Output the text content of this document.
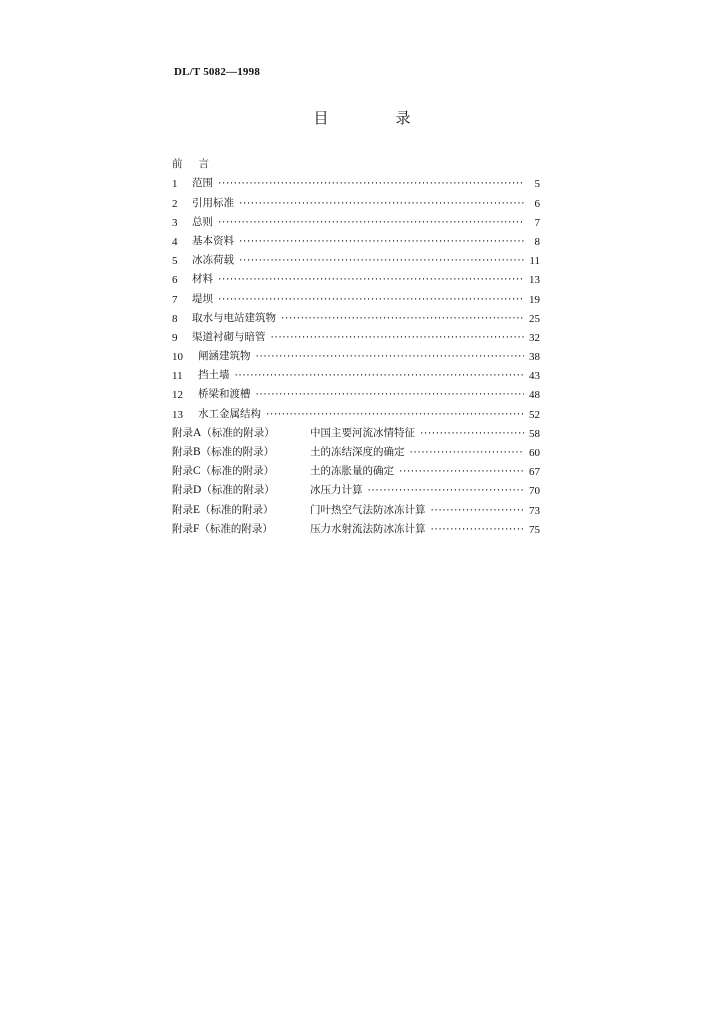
DL/T 5082—1998
目　录
前言
1	范围 ·····	5
2	引用标准 ·····	6
3	总则 ·····	7
4	基本资料 ·····	8
5	冰冻荷载 ·····	11
6	材料 ·····	13
7	堤坝 ·····	19
8	取水与电站建筑物 ·····	25
9	渠道衬砌与暗管 ·····	32
10	闸涵建筑物 ·····	38
11	挡土墙 ·····	43
12	桥梁和渡槽 ·····	48
13	水工金属结构 ·····	52
附录A（标准的附录）	中国主要河流冰情特征 ·····	58
附录B（标准的附录）	土的冻结深度的确定 ·····	60
附录C（标准的附录）	土的冻胀量的确定 ·····	67
附录D（标准的附录）	冰压力计算 ·····	70
附录E（标准的附录）	门叶热空气法防冰冻计算 ·····	73
附录F（标准的附录）	压力水射流法防冰冻计算 ·····	75
